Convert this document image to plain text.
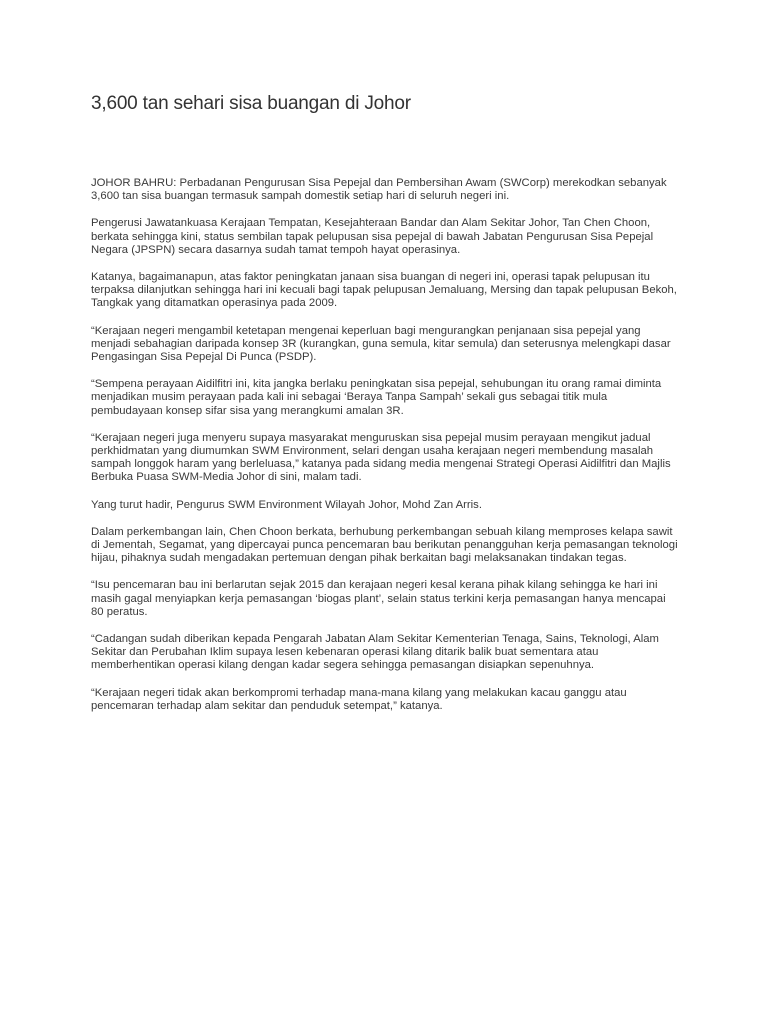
3,600 tan sehari sisa buangan di Johor

JOHOR BAHRU: Perbadanan Pengurusan Sisa Pepejal dan Pembersihan Awam (SWCorp) merekodkan sebanyak 3,600 tan sisa buangan termasuk sampah domestik setiap hari di seluruh negeri ini.

Pengerusi Jawatankuasa Kerajaan Tempatan, Kesejahteraan Bandar dan Alam Sekitar Johor, Tan Chen Choon, berkata sehingga kini, status sembilan tapak pelupusan sisa pepejal di bawah Jabatan Pengurusan Sisa Pepejal Negara (JPSPN) secara dasarnya sudah tamat tempoh hayat operasinya.

Katanya, bagaimanapun, atas faktor peningkatan janaan sisa buangan di negeri ini, operasi tapak pelupusan itu terpaksa dilanjutkan sehingga hari ini kecuali bagi tapak pelupusan Jemaluang, Mersing dan tapak pelupusan Bekoh, Tangkak yang ditamatkan operasinya pada 2009.

“Kerajaan negeri mengambil ketetapan mengenai keperluan bagi mengurangkan penjanaan sisa pepejal yang menjadi sebahagian daripada konsep 3R (kurangkan, guna semula, kitar semula) dan seterusnya melengkapi dasar Pengasingan Sisa Pepejal Di Punca (PSDP).

“Sempena perayaan Aidilfitri ini, kita jangka berlaku peningkatan sisa pepejal, sehubungan itu orang ramai diminta menjadikan musim perayaan pada kali ini sebagai ‘Beraya Tanpa Sampah’ sekali gus sebagai titik mula pembudayaan konsep sifar sisa yang merangkumi amalan 3R.

“Kerajaan negeri juga menyeru supaya masyarakat menguruskan sisa pepejal musim perayaan mengikut jadual perkhidmatan yang diumumkan SWM Environment, selari dengan usaha kerajaan negeri membendung masalah sampah longgok haram yang berleluasa,” katanya pada sidang media mengenai Strategi Operasi Aidilfitri dan Majlis Berbuka Puasa SWM-Media Johor di sini, malam tadi.

Yang turut hadir, Pengurus SWM Environment Wilayah Johor, Mohd Zan Arris.

Dalam perkembangan lain, Chen Choon berkata, berhubung perkembangan sebuah kilang memproses kelapa sawit di Jementah, Segamat, yang dipercayai punca pencemaran bau berikutan penangguhan kerja pemasangan teknologi hijau, pihaknya sudah mengadakan pertemuan dengan pihak berkaitan bagi melaksanakan tindakan tegas.

“Isu pencemaran bau ini berlarutan sejak 2015 dan kerajaan negeri kesal kerana pihak kilang sehingga ke hari ini masih gagal menyiapkan kerja pemasangan ‘biogas plant’, selain status terkini kerja pemasangan hanya mencapai 80 peratus.

“Cadangan sudah diberikan kepada Pengarah Jabatan Alam Sekitar Kementerian Tenaga, Sains, Teknologi, Alam Sekitar dan Perubahan Iklim supaya lesen kebenaran operasi kilang ditarik balik buat sementara atau memberhentikan operasi kilang dengan kadar segera sehingga pemasangan disiapkan sepenuhnya.

“Kerajaan negeri tidak akan berkompromi terhadap mana-mana kilang yang melakukan kacau ganggu atau pencemaran terhadap alam sekitar dan penduduk setempat,” katanya.
